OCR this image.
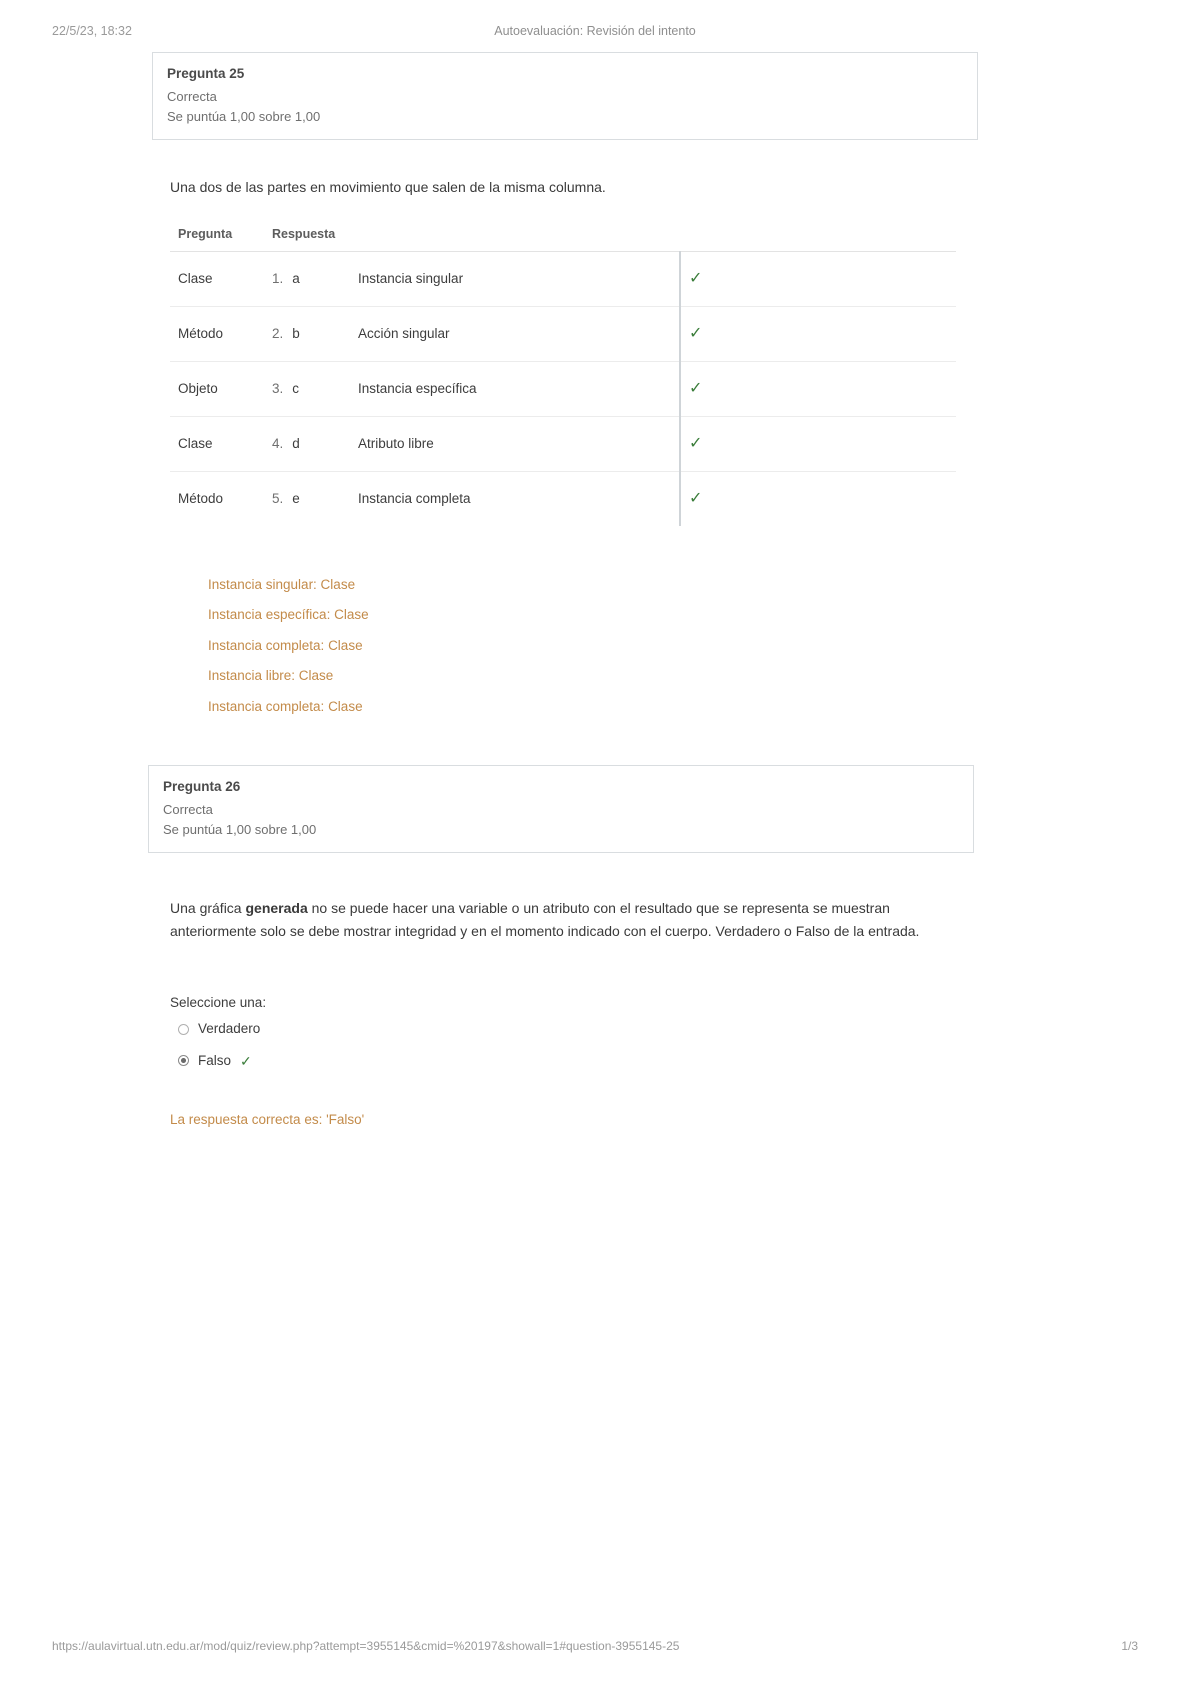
22/5/23, 18:32	Autoevaluación: Revisión del intento
Pregunta 25
Correcta
Se puntúa 1,00 sobre 1,00
Una dos de las partes en movimiento que salen de la misma columna.
Pregunta	Respuesta		
Clase	1. a	Instancia singular	✓
Método	2. b	Acción singular	✓
Objeto	3. c	Instancia específica	✓
Clase	4. d	Atributo libre	✓
Método	5. e	Instancia completa	✓
Instancia singular: Clase
Instancia específica: Clase
Instancia completa: Clase
Instancia libre: Clase
Instancia completa: Clase
Pregunta 26
Correcta
Se puntúa 1,00 sobre 1,00
Una gráfica generada no se puede hacer una variable o un atributo con el resultado que se representa se muestran anteriormente solo se debe mostrar integridad y en el momento indicado con el cuerpo. Verdadero o Falso de la entrada.
Seleccione una:
Verdadero
Falso ✓
La respuesta correcta es: 'Falso'
https://aulavirtual.utn.edu.ar/mod/quiz/review.php?attempt=3955145&cmid=%20197&showall=1#question-3955145-25	1/3
